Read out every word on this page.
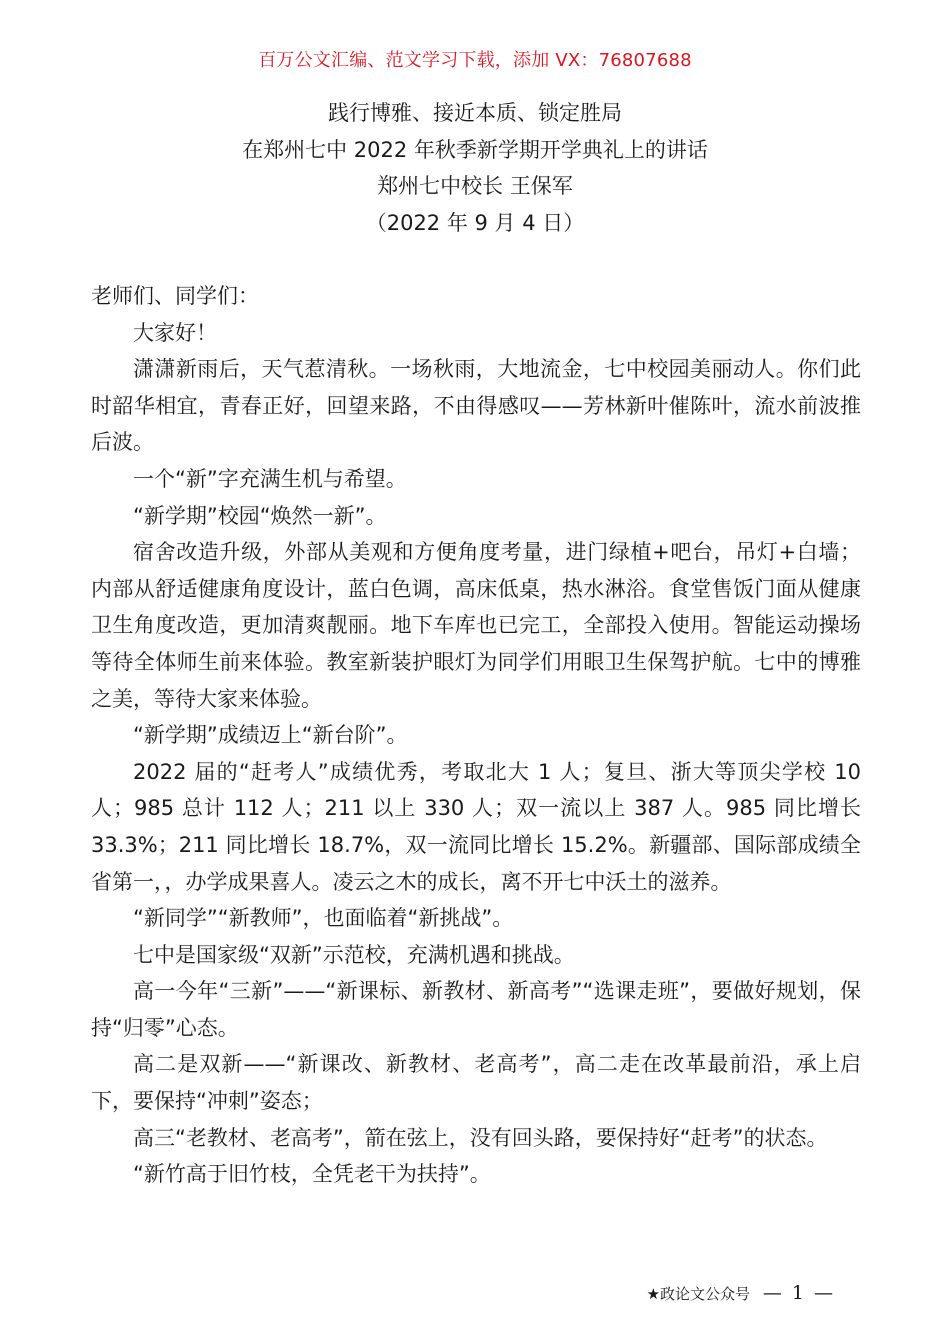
百万公文汇编、范文学习下载，添加 VX：76807688
践行博雅、接近本质、锁定胜局
在郑州七中 2022 年秋季新学期开学典礼上的讲话
郑州七中校长 王保军
（2022 年 9 月 4 日）

老师们、同学们：

大家好！

潇潇新雨后，天气惹清秋。一场秋雨，大地流金，七中校园美丽动人。你们此时韶华相宜，青春正好，回望来路，不由得感叹——芳林新叶催陈叶，流水前波推后波。

一个“新”字充满生机与希望。

“新学期”校园“焕然一新”。

宿舍改造升级，外部从美观和方便角度考量，进门绿植+吧台，吊灯+白墙；内部从舒适健康角度设计，蓝白色调，高床低桌，热水淋浴。食堂售饭门面从健康卫生角度改造，更加清爽靓丽。地下车库也已完工，全部投入使用。智能运动操场等待全体师生前来体验。教室新装护眼灯为同学们用眼卫生保驾护航。七中的博雅之美，等待大家来体验。

“新学期”成绩迈上“新台阶”。

2022 届的“赶考人”成绩优秀，考取北大 1 人；复旦、浙大等顶尖学校 10 人；985 总计 112 人；211 以上 330 人；双一流以上 387 人。985 同比增长 33.3%；211 同比增长 18.7%，双一流同比增长 15.2%。新疆部、国际部成绩全省第一，，办学成果喜人。凌云之木的成长，离不开七中沃土的滋养。

“新同学”“新教师”，也面临着“新挑战”。

七中是国家级“双新”示范校，充满机遇和挑战。

高一今年“三新”——“新课标、新教材、新高考”“选课走班”，要做好规划，保持“归零”心态。

高二是双新——“新课改、新教材、老高考”，高二走在改革最前沿，承上启下，要保持“冲刺”姿态；

高三“老教材、老高考”，箭在弦上，没有回头路，要保持好“赶考”的状态。

“新竹高于旧竹枝，全凭老干为扶持”。

★政论文公众号 — 1 —
